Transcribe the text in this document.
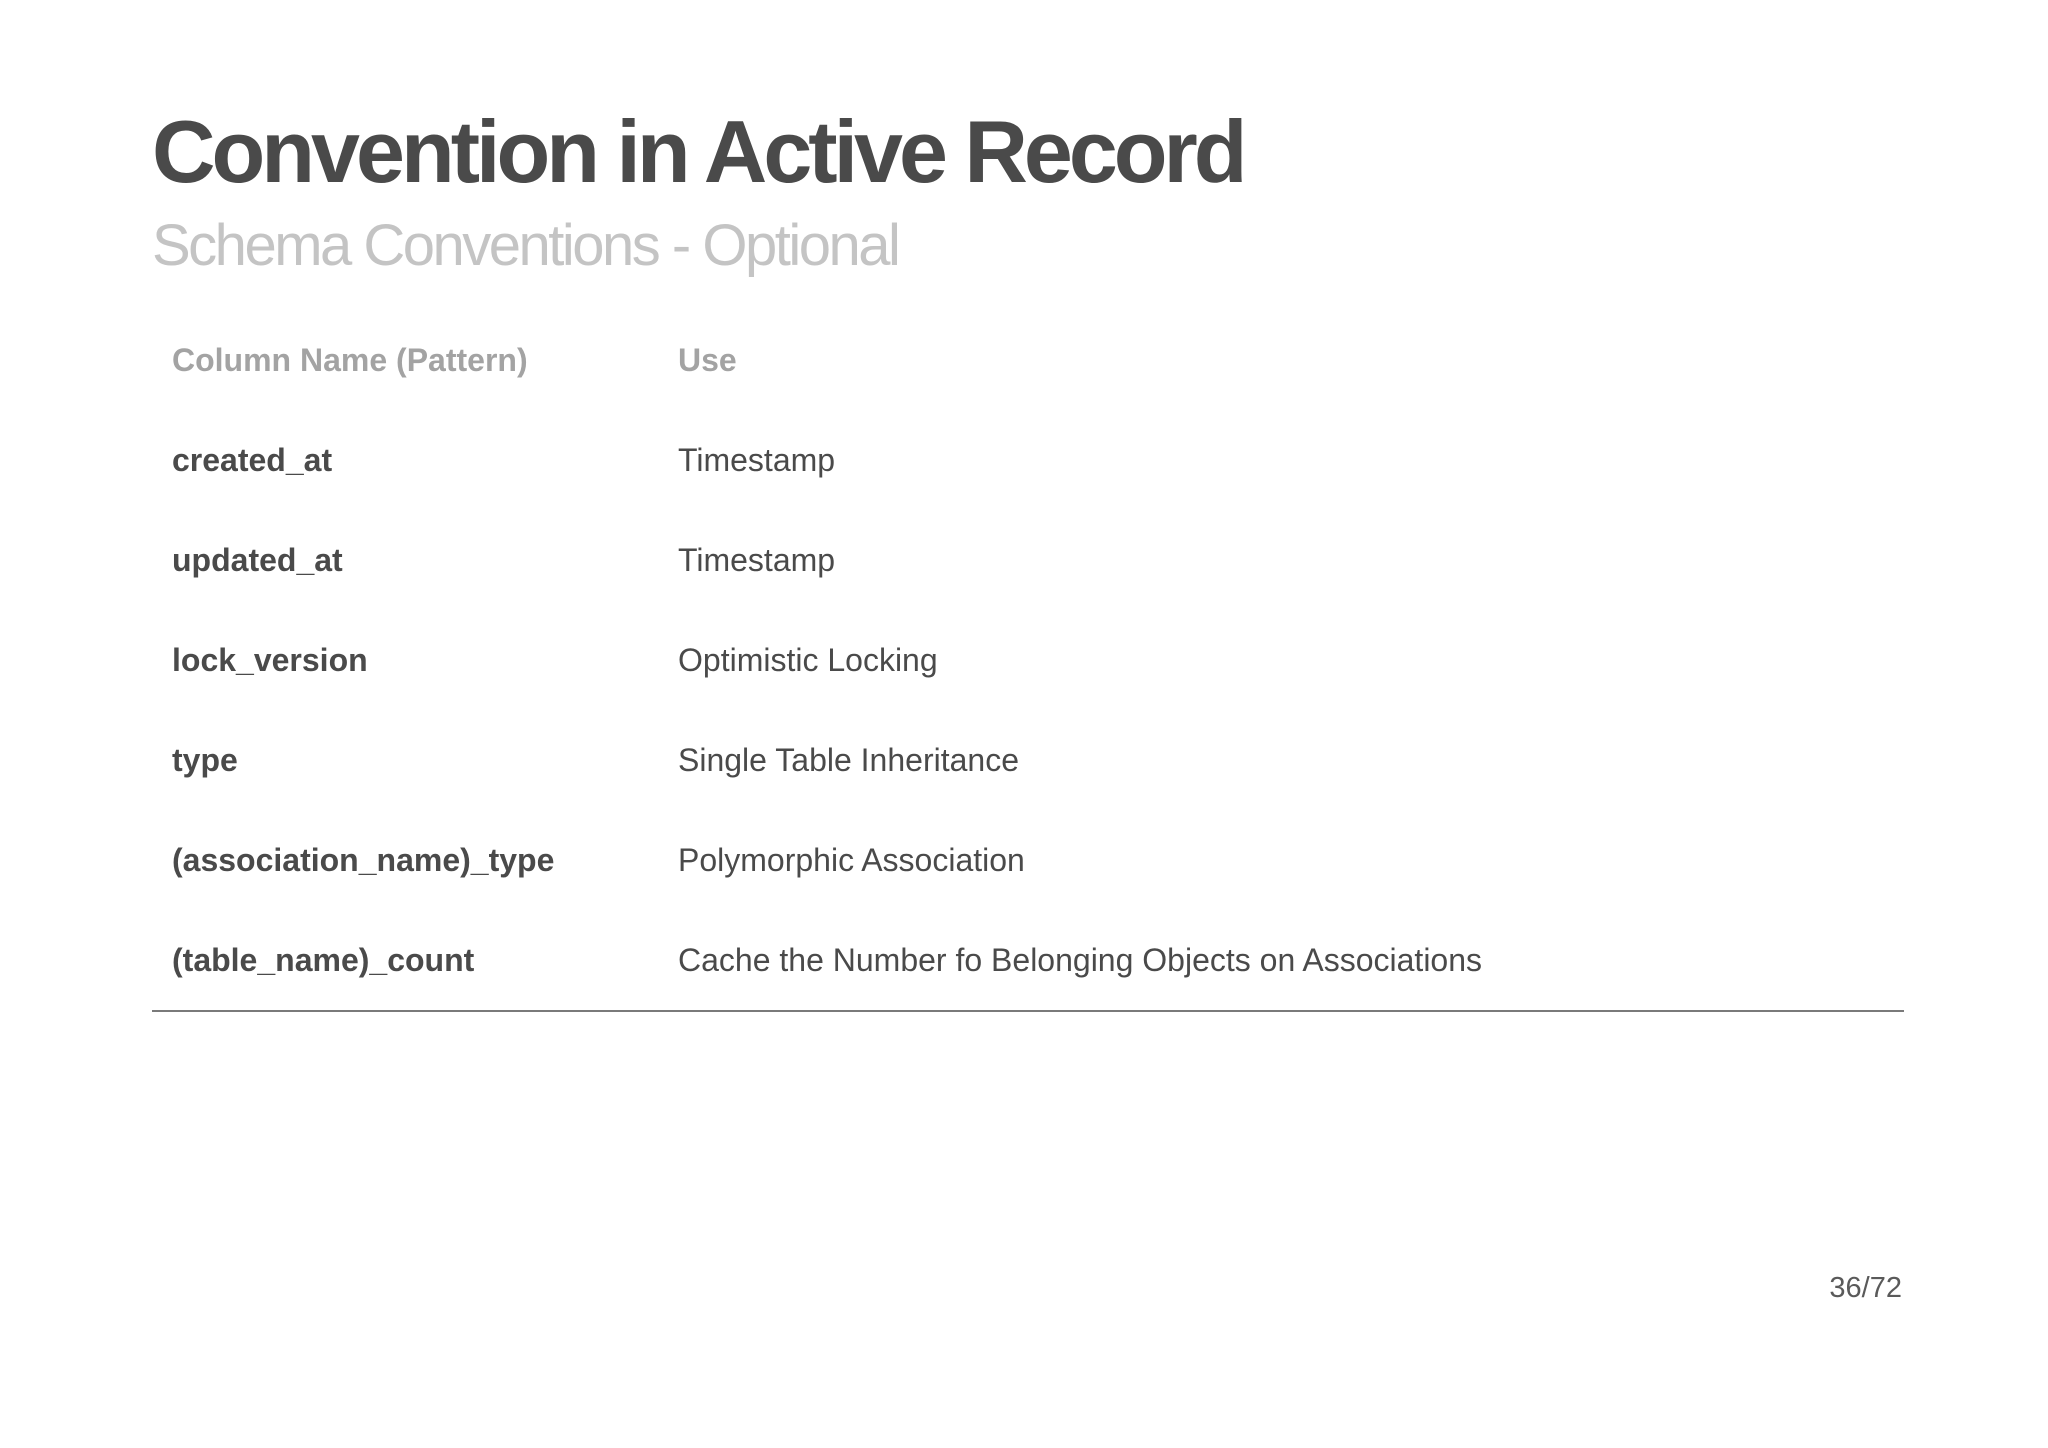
Convention in Active Record
Schema Conventions - Optional
Column Name (Pattern)	Use
created_at	Timestamp
updated_at	Timestamp
lock_version	Optimistic Locking
type	Single Table Inheritance
(association_name)_type	Polymorphic Association
(table_name)_count	Cache the Number fo Belonging Objects on Associations
36/72
